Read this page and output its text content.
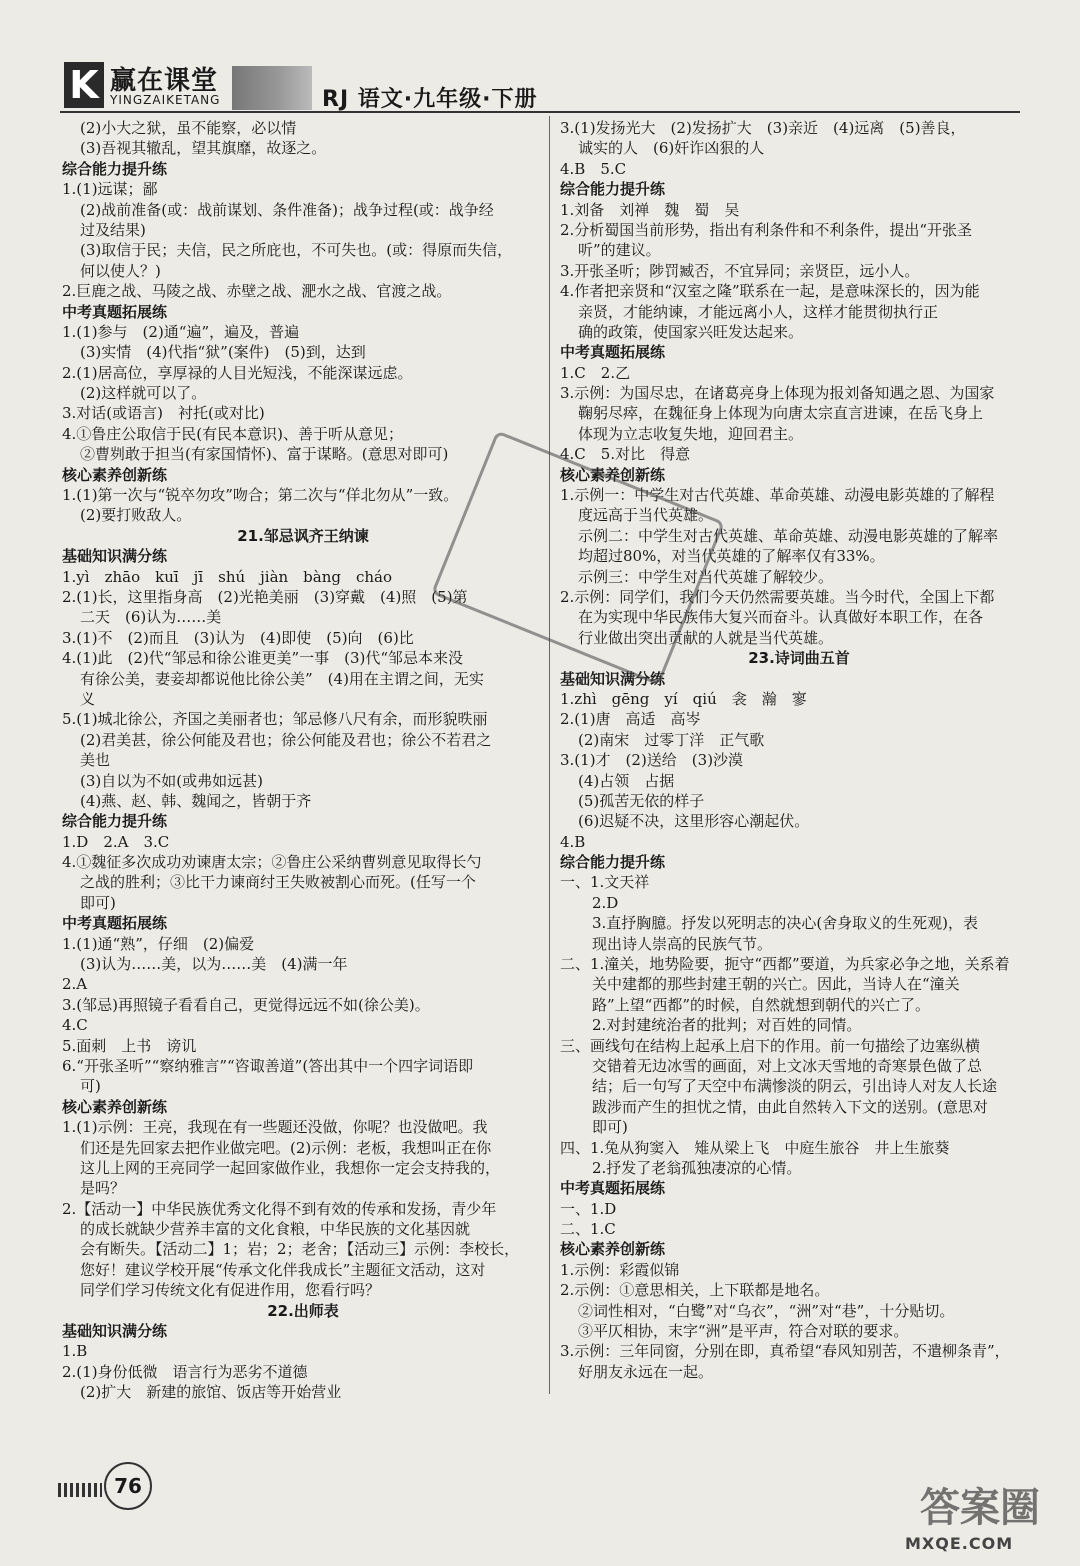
K 赢在课堂
YINGZAIKETANG	RJ 语文·九年级·下册
(2)小大之狱，虽不能察，必以情
(3)吾视其辙乱，望其旗靡，故逐之。
综合能力提升练
1.(1)远谋；鄙
(2)战前准备(或：战前谋划、条件准备)；战争过程(或：战争经
过及结果)
(3)取信于民；夫信，民之所庇也，不可失也。(或：得原而失信，
何以使人？)
2.巨鹿之战、马陵之战、赤壁之战、淝水之战、官渡之战。
中考真题拓展练
1.(1)参与　(2)通“遍”，遍及，普遍
(3)实情　(4)代指“狱”(案件)　(5)到，达到
2.(1)居高位，享厚禄的人目光短浅，不能深谋远虑。
(2)这样就可以了。
3.对话(或语言)　衬托(或对比)
4.①鲁庄公取信于民(有民本意识)、善于听从意见；
②曹刿敢于担当(有家国情怀)、富于谋略。(意思对即可)
核心素养创新练
1.(1)第一次与“锐卒勿攻”吻合；第二次与“佯北勿从”一致。
(2)要打败敌人。
21.邹忌讽齐王纳谏
基础知识满分练
1.yì　zhāo　kuī　jī　shú　jiàn　bàng　cháo
2.(1)长，这里指身高　(2)光艳美丽　(3)穿戴　(4)照　(5)第
二天　(6)认为……美
3.(1)不　(2)而且　(3)认为　(4)即使　(5)向　(6)比
4.(1)此　(2)代“邹忌和徐公谁更美”一事　(3)代“邹忌本来没
有徐公美，妻妾却都说他比徐公美”　(4)用在主谓之间，无实
义
5.(1)城北徐公，齐国之美丽者也；邹忌修八尺有余，而形貌昳丽
(2)君美甚，徐公何能及君也；徐公何能及君也；徐公不若君之
美也
(3)自以为不如(或弗如远甚)
(4)燕、赵、韩、魏闻之，皆朝于齐
综合能力提升练
1.D　2.A　3.C
4.①魏征多次成功劝谏唐太宗；②鲁庄公采纳曹刿意见取得长勺
之战的胜利；③比干力谏商纣王失败被割心而死。(任写一个
即可)
中考真题拓展练
1.(1)通“熟”，仔细　(2)偏爱
(3)认为……美，以为……美　(4)满一年
2.A
3.(邹忌)再照镜子看看自己，更觉得远远不如(徐公美)。
4.C
5.面刺　上书　谤讥
6.“开张圣听”“察纳雅言”“咨诹善道”(答出其中一个四字词语即
可)
核心素养创新练
1.(1)示例：王亮，我现在有一些题还没做，你呢？也没做吧。我
们还是先回家去把作业做完吧。(2)示例：老板，我想叫正在你
这儿上网的王亮同学一起回家做作业，我想你一定会支持我的，
是吗？
2.【活动一】中华民族优秀文化得不到有效的传承和发扬，青少年
的成长就缺少营养丰富的文化食粮，中华民族的文化基因就
会有断失。【活动二】1；岩；2；老舍；【活动三】示例：李校长，
您好！建议学校开展“传承文化伴我成长”主题征文活动，这对
同学们学习传统文化有促进作用，您看行吗？
22.出师表
基础知识满分练
1.B
2.(1)身份低微　语言行为恶劣不道德
(2)扩大　新建的旅馆、饭店等开始营业
3.(1)发扬光大　(2)发扬扩大　(3)亲近　(4)远离　(5)善良，
诚实的人　(6)奸诈凶狠的人
4.B　5.C
综合能力提升练
1.刘备　刘禅　魏　蜀　吴
2.分析蜀国当前形势，指出有利条件和不利条件，提出“开张圣
听”的建议。
3.开张圣听；陟罚臧否，不宜异同；亲贤臣，远小人。
4.作者把亲贤和“汉室之隆”联系在一起，是意味深长的，因为能
亲贤，才能纳谏，才能远离小人，这样才能贯彻执行正
确的政策，使国家兴旺发达起来。
中考真题拓展练
1.C　2.乙
3.示例：为国尽忠，在诸葛亮身上体现为报刘备知遇之恩、为国家
鞠躬尽瘁，在魏征身上体现为向唐太宗直言进谏，在岳飞身上
体现为立志收复失地，迎回君主。
4.C　5.对比　得意
核心素养创新练
1.示例一：中学生对古代英雄、革命英雄、动漫电影英雄的了解程
度远高于当代英雄。
示例二：中学生对古代英雄、革命英雄、动漫电影英雄的了解率
均超过80%，对当代英雄的了解率仅有33%。
示例三：中学生对当代英雄了解较少。
2.示例：同学们，我们今天仍然需要英雄。当今时代，全国上下都
在为实现中华民族伟大复兴而奋斗。认真做好本职工作，在各
行业做出突出贡献的人就是当代英雄。
23.诗词曲五首
基础知识满分练
1.zhì　gēng　yí　qiú　衾　瀚　寥
2.(1)唐　高适　高岑
(2)南宋　过零丁洋　正气歌
3.(1)才　(2)送给　(3)沙漠
(4)占领　占据
(5)孤苦无依的样子
(6)迟疑不决，这里形容心潮起伏。
4.B
综合能力提升练
一、1.文天祥
2.D
3.直抒胸臆。抒发以死明志的决心(舍身取义的生死观)，表
现出诗人崇高的民族气节。
二、1.潼关，地势险要，扼守“西都”要道，为兵家必争之地，关系着
关中建都的那些封建王朝的兴亡。因此，当诗人在“潼关
路”上望“西都”的时候，自然就想到朝代的兴亡了。
2.对封建统治者的批判；对百姓的同情。
三、画线句在结构上起承上启下的作用。前一句描绘了边塞纵横
交错着无边冰雪的画面，对上文冰天雪地的奇寒景色做了总
结；后一句写了天空中布满惨淡的阴云，引出诗人对友人长途
跋涉而产生的担忧之情，由此自然转入下文的送别。(意思对
即可)
四、1.兔从狗窦入　雉从梁上飞　中庭生旅谷　井上生旅葵
2.抒发了老翁孤独凄凉的心情。
中考真题拓展练
一、1.D
二、1.C
核心素养创新练
1.示例：彩霞似锦
2.示例：①意思相关，上下联都是地名。
②词性相对，“白鹭”对“乌衣”，“洲”对“巷”，十分贴切。
③平仄相协，末字“洲”是平声，符合对联的要求。
3.示例：三年同窗，分别在即，真希望“春风知别苦，不遣柳条青”，
好朋友永远在一起。
76	答案圈
MXQE.COM
